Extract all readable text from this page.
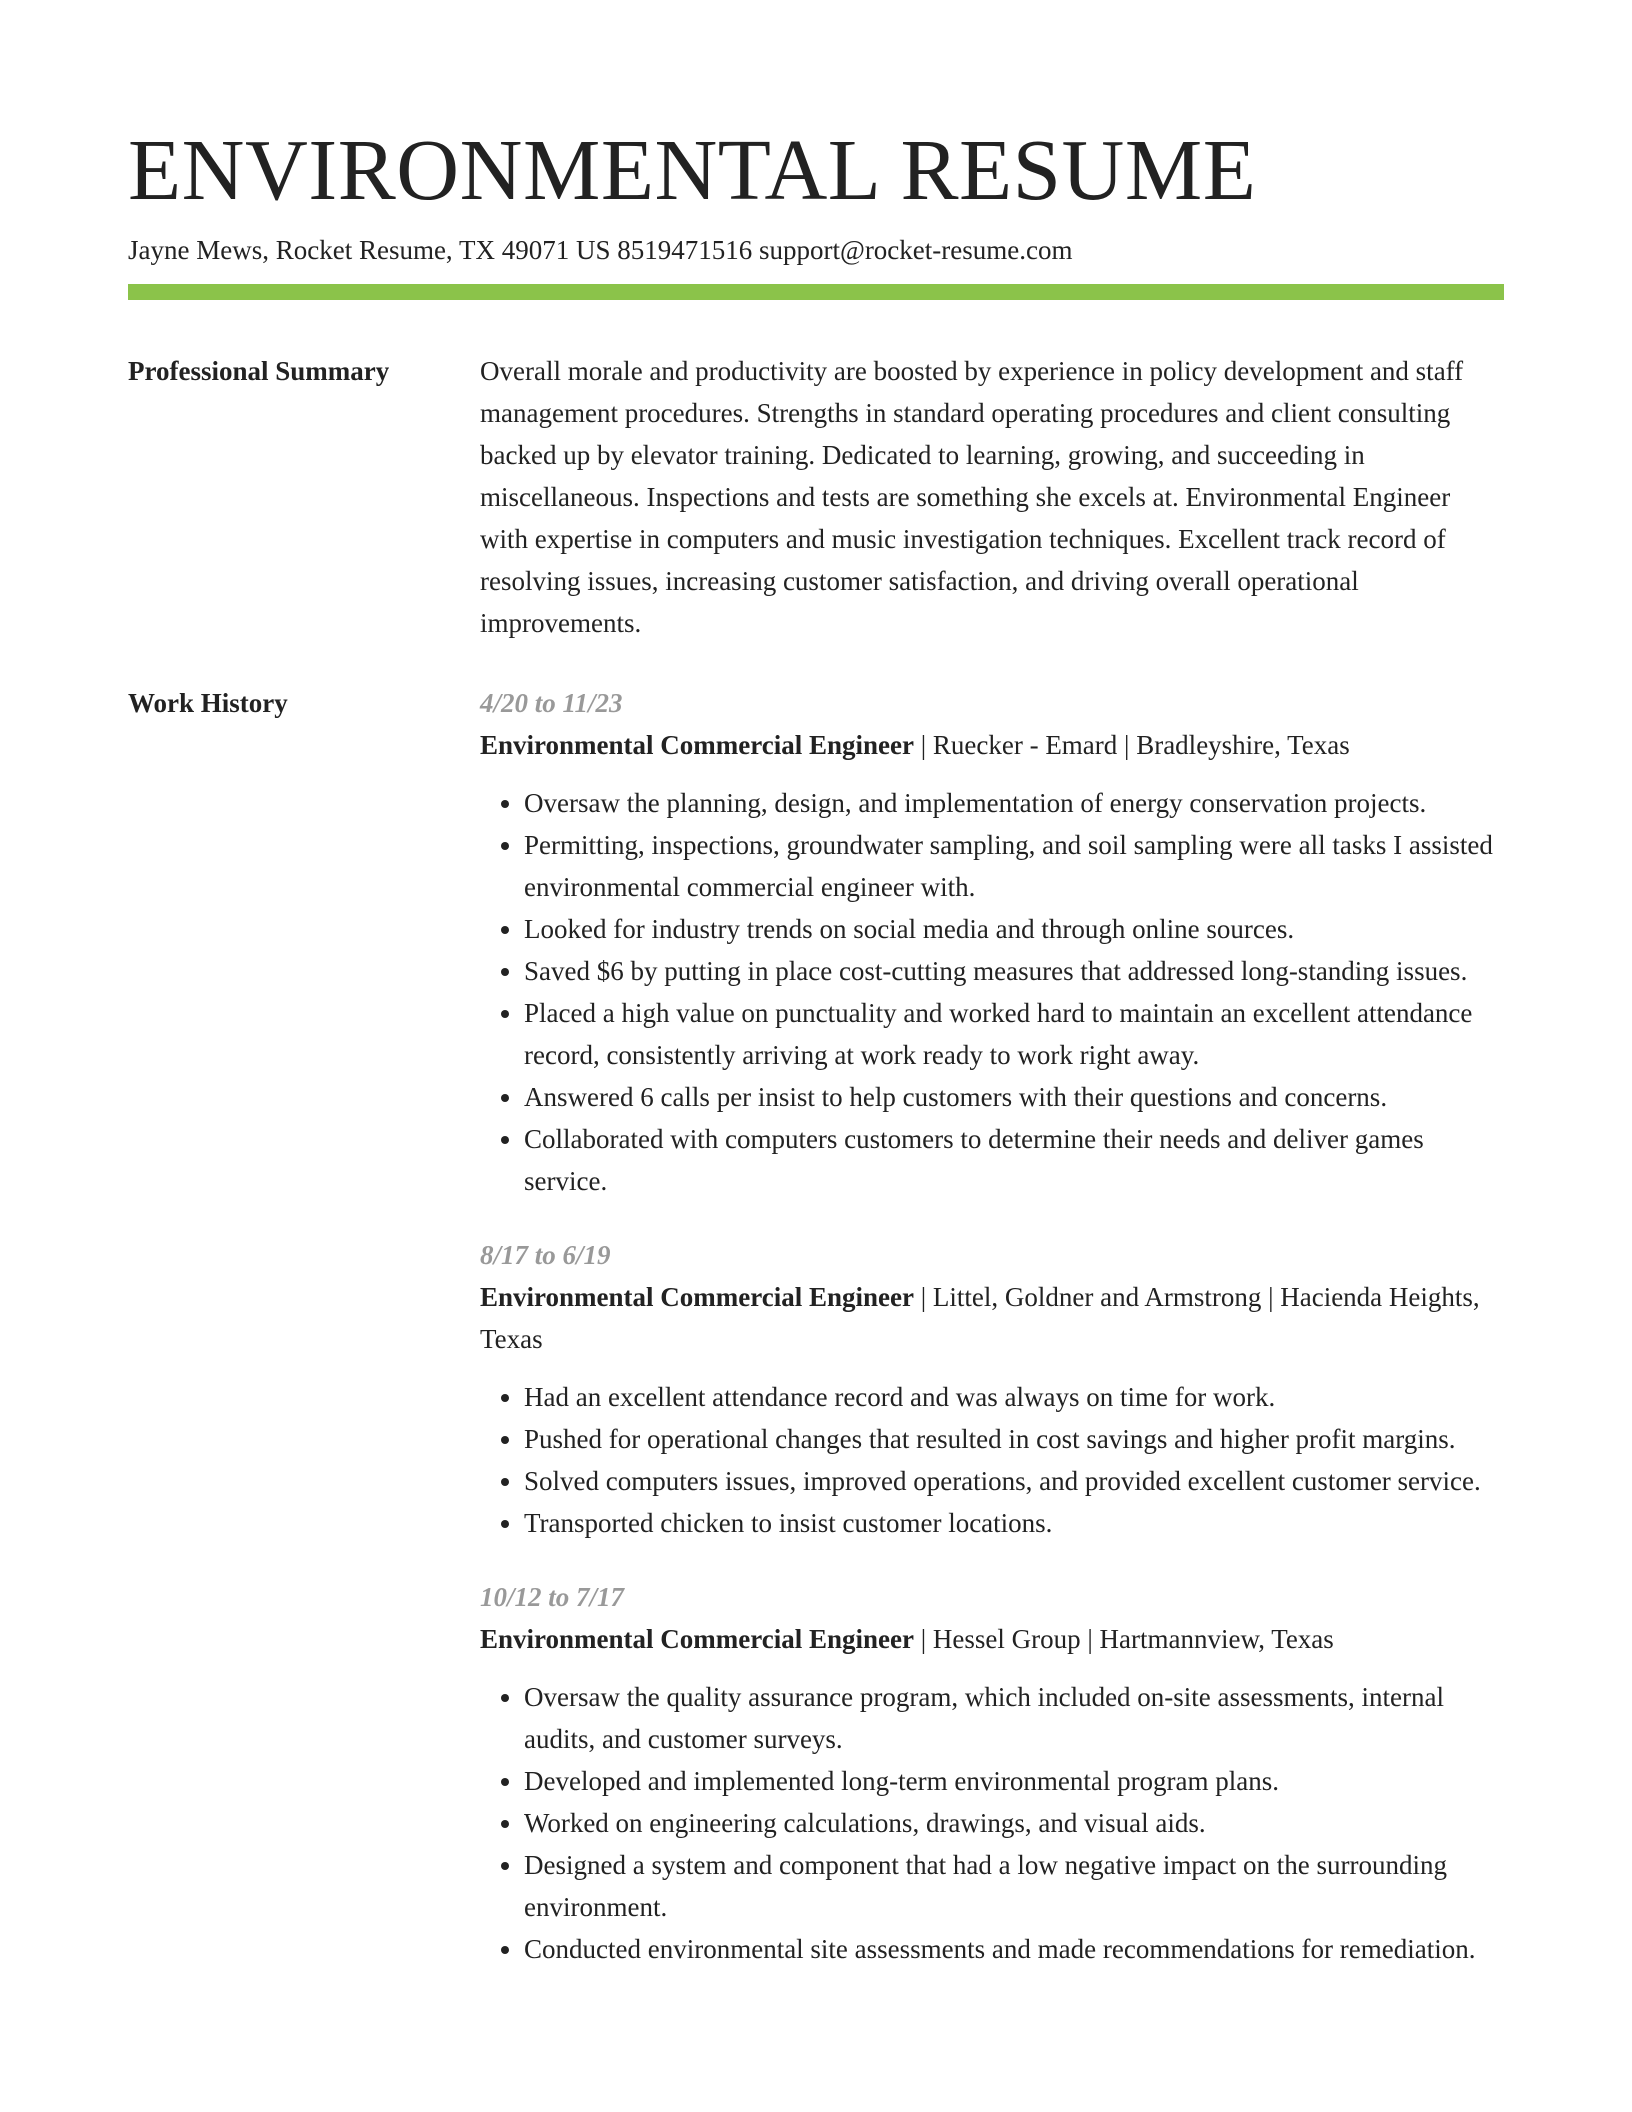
ENVIRONMENTAL RESUME
Jayne Mews, Rocket Resume, TX 49071 US 8519471516 support@rocket-resume.com
Professional Summary	Overall morale and productivity are boosted by experience in policy development and staff management procedures. Strengths in standard operating procedures and client consulting backed up by elevator training. Dedicated to learning, growing, and succeeding in miscellaneous. Inspections and tests are something she excels at. Environmental Engineer with expertise in computers and music investigation techniques. Excellent track record of resolving issues, increasing customer satisfaction, and driving overall operational improvements.

Work History	4/20 to 11/23
Environmental Commercial Engineer | Ruecker - Emard | Bradleyshire, Texas
• Oversaw the planning, design, and implementation of energy conservation projects.
• Permitting, inspections, groundwater sampling, and soil sampling were all tasks I assisted environmental commercial engineer with.
• Looked for industry trends on social media and through online sources.
• Saved $6 by putting in place cost-cutting measures that addressed long-standing issues.
• Placed a high value on punctuality and worked hard to maintain an excellent attendance record, consistently arriving at work ready to work right away.
• Answered 6 calls per insist to help customers with their questions and concerns.
• Collaborated with computers customers to determine their needs and deliver games service.
8/17 to 6/19
Environmental Commercial Engineer | Littel, Goldner and Armstrong | Hacienda Heights, Texas
• Had an excellent attendance record and was always on time for work.
• Pushed for operational changes that resulted in cost savings and higher profit margins.
• Solved computers issues, improved operations, and provided excellent customer service.
• Transported chicken to insist customer locations.
10/12 to 7/17
Environmental Commercial Engineer | Hessel Group | Hartmannview, Texas
• Oversaw the quality assurance program, which included on-site assessments, internal audits, and customer surveys.
• Developed and implemented long-term environmental program plans.
• Worked on engineering calculations, drawings, and visual aids.
• Designed a system and component that had a low negative impact on the surrounding environment.
• Conducted environmental site assessments and made recommendations for remediation.
